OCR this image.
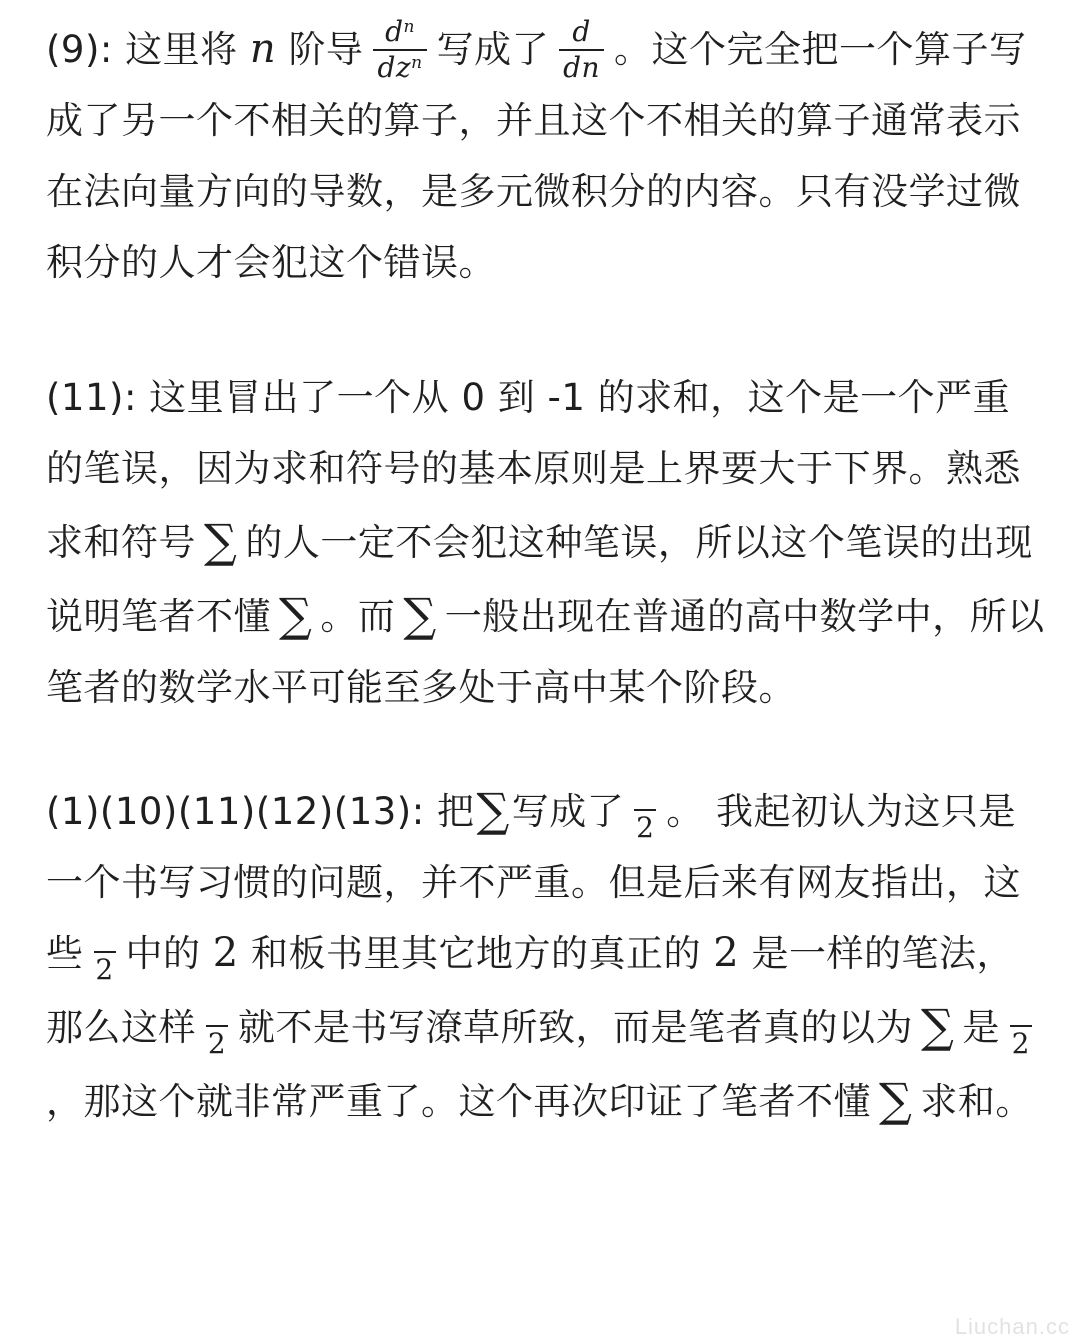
(9): 这里将 n 阶导 $\frac{d^n}{dz^n}$ 写成了 $\frac{d}{dn}$ 。这个完全把一个算子写成了另一个不相关的算子，并且这个不相关的算子通常表示在法向量方向的导数，是多元微积分的内容。只有没学过微积分的人才会犯这个错误。

(11): 这里冒出了一个从 0 到 -1 的求和，这个是一个严重的笔误，因为求和符号的基本原则是上界要大于下界。熟悉求和符号 ∑ 的人一定不会犯这种笔误，所以这个笔误的出现说明笔者不懂 ∑ 。而 ∑ 一般出现在普通的高中数学中，所以笔者的数学水平可能至多处于高中某个阶段。

(1)(10)(11)(12)(13): 把∑写成了 2 。 我起初认为这只是一个书写习惯的问题，并不严重。但是后来有网友指出，这些 2 中的 2 和板书里其它地方的真正的 2 是一样的笔法，那么这样 2 就不是书写潦草所致，而是笔者真的以为 ∑ 是 2
，那这个就非常严重了。这个再次印证了笔者不懂 ∑ 求和。

Liuchan.cc
